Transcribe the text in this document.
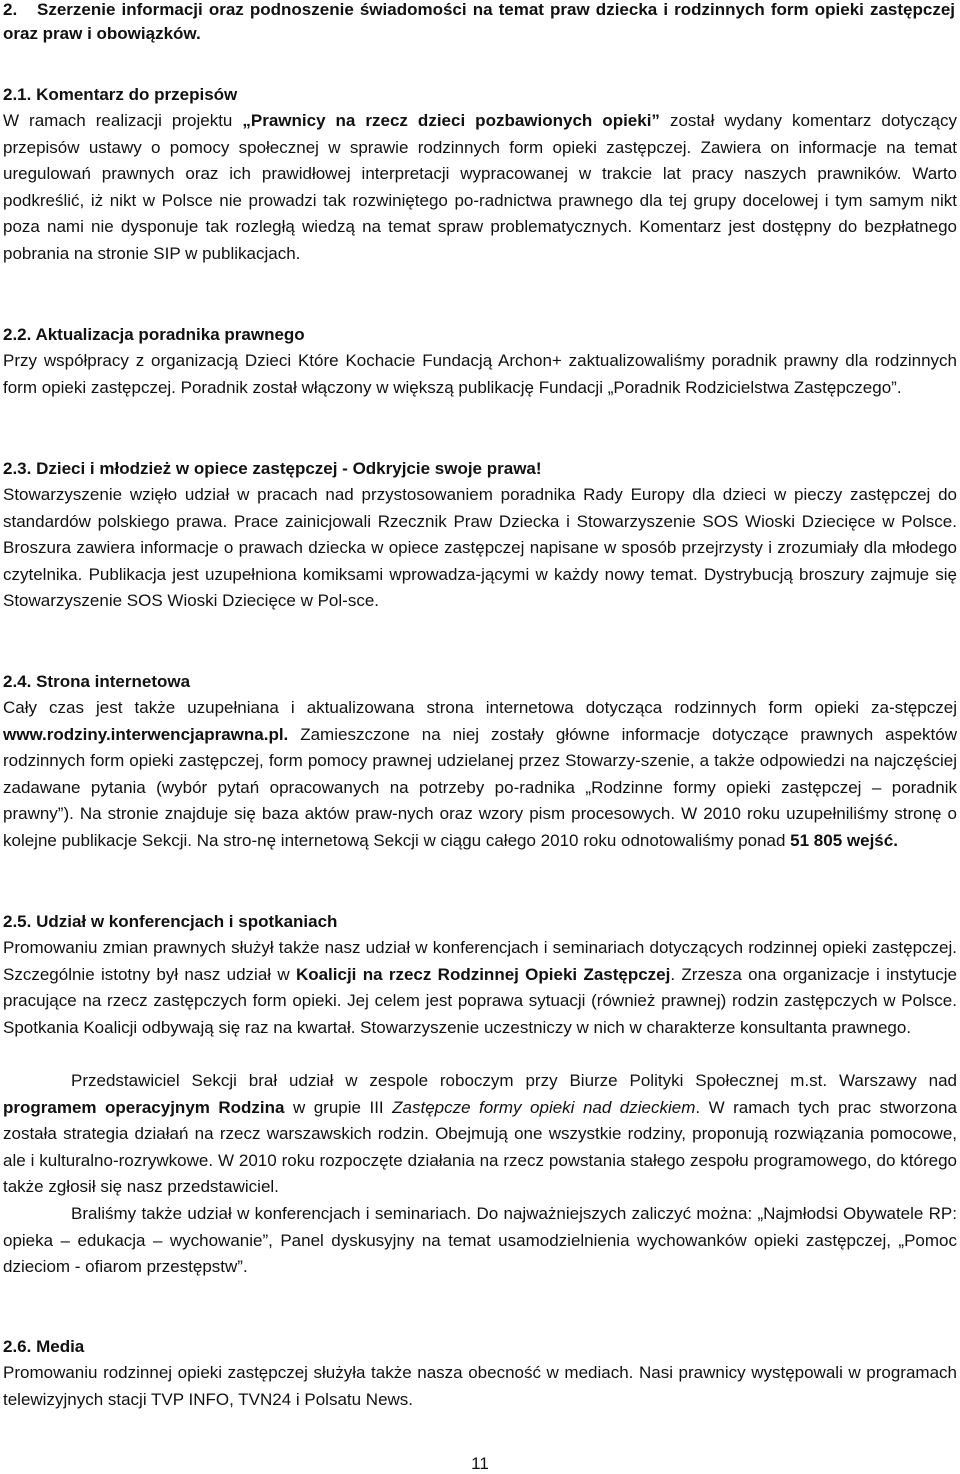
2. Szerzenie informacji oraz podnoszenie świadomości na temat praw dziecka i rodzinnych form opieki zastępczej oraz praw i obowiązków.
2.1. Komentarz do przepisów

W ramach realizacji projektu „Prawnicy na rzecz dzieci pozbawionych opieki” został wydany komentarz dotyczący przepisów ustawy o pomocy społecznej w sprawie rodzinnych form opieki zastępczej. Zawiera on informacje na temat uregulowań prawnych oraz ich prawidłowej interpretacji wypracowanej w trakcie lat pracy naszych prawników. Warto podkreślić, iż nikt w Polsce nie prowadzi tak rozwiniętego po-radnictwa prawnego dla tej grupy docelowej i tym samym nikt poza nami nie dysponuje tak rozległą wiedzą na temat spraw problematycznych. Komentarz jest dostępny do bezpłatnego pobrania na stronie SIP w publikacjach.

2.2. Aktualizacja poradnika prawnego

Przy współpracy z organizacją Dzieci Które Kochacie Fundacją Archon+ zaktualizowaliśmy poradnik prawny dla rodzinnych form opieki zastępczej. Poradnik został włączony w większą publikację Fundacji „Poradnik Rodzicielstwa Zastępczego”.

2.3. Dzieci i młodzież w opiece zastępczej - Odkryjcie swoje prawa!

Stowarzyszenie wzięło udział w pracach nad przystosowaniem poradnika Rady Europy dla dzieci w pieczy zastępczej do standardów polskiego prawa. Prace zainicjowali Rzecznik Praw Dziecka i Stowarzyszenie SOS Wioski Dziecięce w Polsce. Broszura zawiera informacje o prawach dziecka w opiece zastępczej napisane w sposób przejrzysty i zrozumiały dla młodego czytelnika. Publikacja jest uzupełniona komiksami wprowadza-jącymi w każdy nowy temat. Dystrybucją broszury zajmuje się Stowarzyszenie SOS Wioski Dziecięce w Pol-sce.

2.4. Strona internetowa

Cały czas jest także uzupełniana i aktualizowana strona internetowa dotycząca rodzinnych form opieki za-stępczej www.rodziny.interwencjaprawna.pl. Zamieszczone na niej zostały główne informacje dotyczące prawnych aspektów rodzinnych form opieki zastępczej, form pomocy prawnej udzielanej przez Stowarzy-szenie, a także odpowiedzi na najczęściej zadawane pytania (wybór pytań opracowanych na potrzeby po-radnika „Rodzinne formy opieki zastępczej – poradnik prawny”). Na stronie znajduje się baza aktów praw-nych oraz wzory pism procesowych. W 2010 roku uzupełniliśmy stronę o kolejne publikacje Sekcji. Na stro-nę internetową Sekcji w ciągu całego 2010 roku odnotowaliśmy ponad 51 805 wejść.

2.5. Udział w konferencjach i spotkaniach

Promowaniu zmian prawnych służył także nasz udział w konferencjach i seminariach dotyczących rodzinnej opieki zastępczej. Szczególnie istotny był nasz udział w Koalicji na rzecz Rodzinnej Opieki Zastępczej. Zrzesza ona organizacje i instytucje pracujące na rzecz zastępczych form opieki. Jej celem jest poprawa sytuacji (również prawnej) rodzin zastępczych w Polsce. Spotkania Koalicji odbywają się raz na kwartał. Stowarzyszenie uczestniczy w nich w charakterze konsultanta prawnego.

Przedstawiciel Sekcji brał udział w zespole roboczym przy Biurze Polityki Społecznej m.st. Warszawy nad programem operacyjnym Rodzina w grupie III Zastępcze formy opieki nad dzieckiem. W ramach tych prac stworzona została strategia działań na rzecz warszawskich rodzin. Obejmują one wszystkie rodziny, proponują rozwiązania pomocowe, ale i kulturalno-rozrywkowe. W 2010 roku rozpoczęte działania na rzecz powstania stałego zespołu programowego, do którego także zgłosił się nasz przedstawiciel.

Braliśmy także udział w konferencjach i seminariach. Do najważniejszych zaliczyć można: „Najmłodsi Obywatele RP: opieka – edukacja – wychowanie”, Panel dyskusyjny na temat usamodzielnienia wychowanków opieki zastępczej, „Pomoc dzieciom - ofiarom przestępstw”.

2.6. Media

Promowaniu rodzinnej opieki zastępczej służyła także nasza obecność w mediach. Nasi prawnicy występowali w programach telewizyjnych stacji TVP INFO, TVN24 i Polsatu News.

11
